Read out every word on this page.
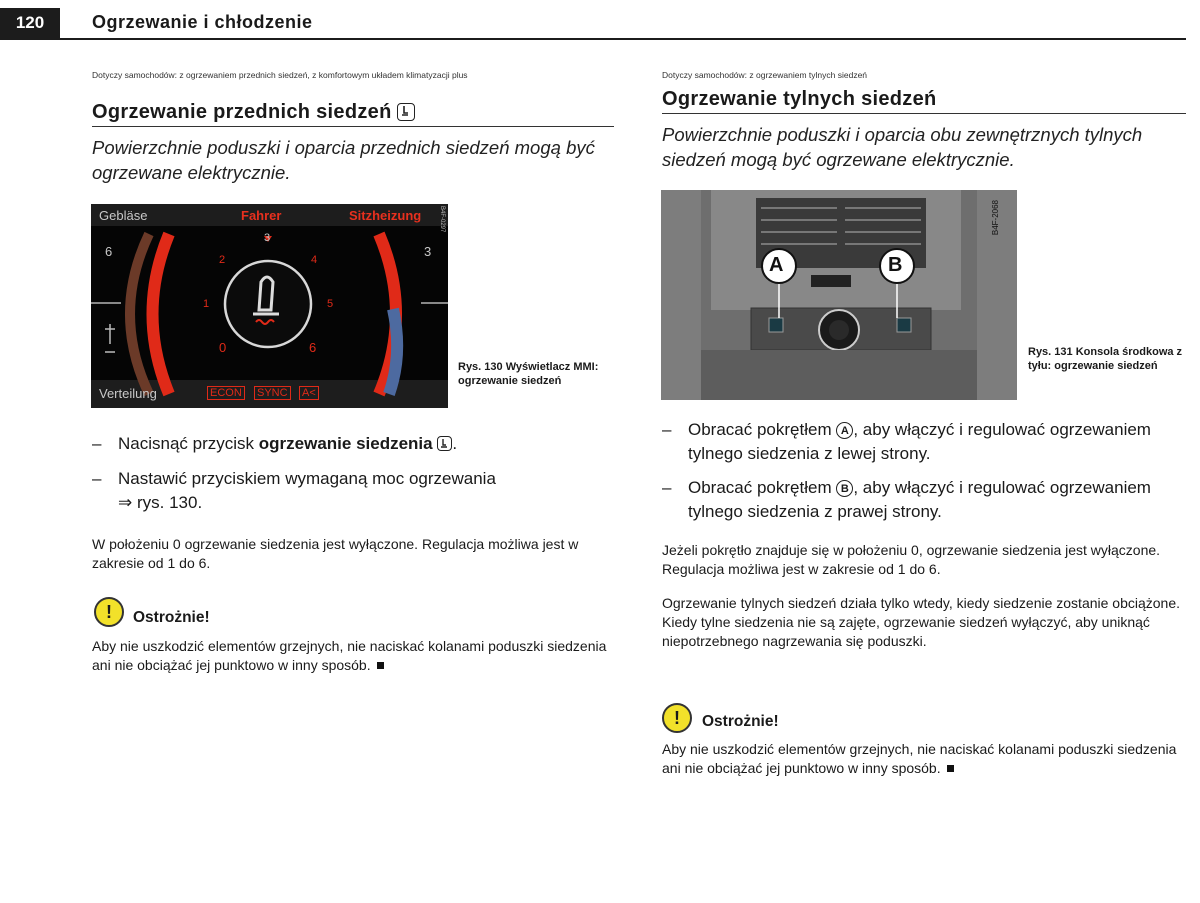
120	Ogrzewanie i chłodzenie
Dotyczy samochodów: z ogrzewaniem przednich siedzeń, z komfortowym układem klimatyzacji plus
Ogrzewanie przednich siedzeń
Powierzchnie poduszki i oparcia przednich siedzeń mogą być ogrzewane elektrycznie.
Gebläse	Fahrer	Sitzheizung
6	3
3
2	4
1	5
0	6
Verteilung	ECON SYNC A<
B4F-0297
Rys. 130 Wyświetlacz MMI: ogrzewanie siedzeń
– Nacisnąć przycisk ogrzewanie siedzenia .
– Nastawić przyciskiem wymaganą moc ogrzewania
⇒ rys. 130.
W położeniu 0 ogrzewanie siedzenia jest wyłączone. Regulacja możliwa jest w zakresie od 1 do 6.
!	Ostrożnie!
Aby nie uszkodzić elementów grzejnych, nie naciskać kolanami poduszki siedzenia ani nie obciążać jej punktowo w inny sposób.
Dotyczy samochodów: z ogrzewaniem tylnych siedzeń
Ogrzewanie tylnych siedzeń
Powierzchnie poduszki i oparcia obu zewnętrznych tylnych siedzeń mogą być ogrzewane elektrycznie.
A	B
B4F-2068
Rys. 131 Konsola środkowa z tyłu: ogrzewanie siedzeń
– Obracać pokrętłem A , aby włączyć i regulować ogrzewaniem tylnego siedzenia z lewej strony.
– Obracać pokrętłem B , aby włączyć i regulować ogrzewaniem tylnego siedzenia z prawej strony.
Jeżeli pokrętło znajduje się w położeniu 0, ogrzewanie siedzenia jest wyłączone. Regulacja możliwa jest w zakresie od 1 do 6.
Ogrzewanie tylnych siedzeń działa tylko wtedy, kiedy siedzenie zostanie obciążone. Kiedy tylne siedzenia nie są zajęte, ogrzewanie siedzeń wyłączyć, aby uniknąć niepotrzebnego nagrzewania się poduszki.
!	Ostrożnie!
Aby nie uszkodzić elementów grzejnych, nie naciskać kolanami poduszki siedzenia ani nie obciążać jej punktowo w inny sposób.
